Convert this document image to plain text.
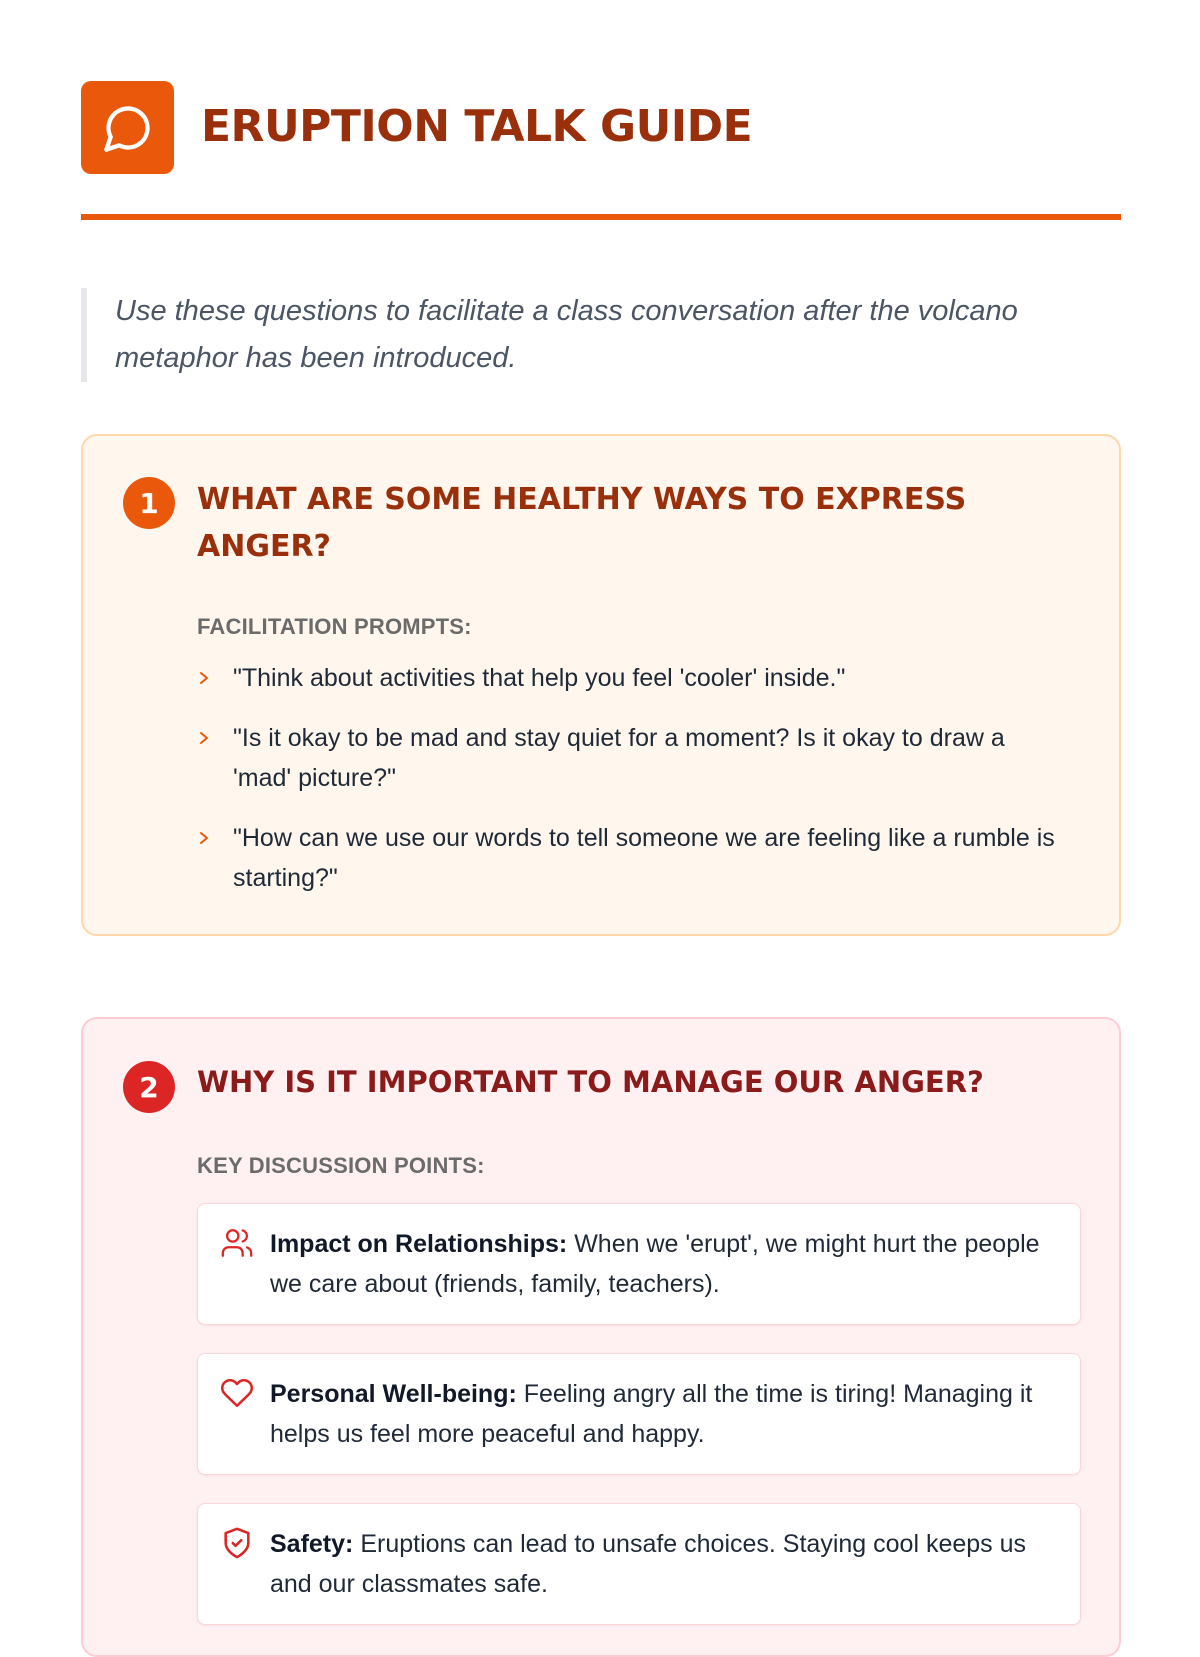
ERUPTION TALK GUIDE
Use these questions to facilitate a class conversation after the volcano metaphor has been introduced.
1	WHAT ARE SOME HEALTHY WAYS TO EXPRESS ANGER?
FACILITATION PROMPTS:
"Think about activities that help you feel 'cooler' inside."
"Is it okay to be mad and stay quiet for a moment? Is it okay to draw a 'mad' picture?"
"How can we use our words to tell someone we are feeling like a rumble is starting?"
2	WHY IS IT IMPORTANT TO MANAGE OUR ANGER?
KEY DISCUSSION POINTS:
Impact on Relationships: When we 'erupt', we might hurt the people we care about (friends, family, teachers).
Personal Well-being: Feeling angry all the time is tiring! Managing it helps us feel more peaceful and happy.
Safety: Eruptions can lead to unsafe choices. Staying cool keeps us and our classmates safe.
